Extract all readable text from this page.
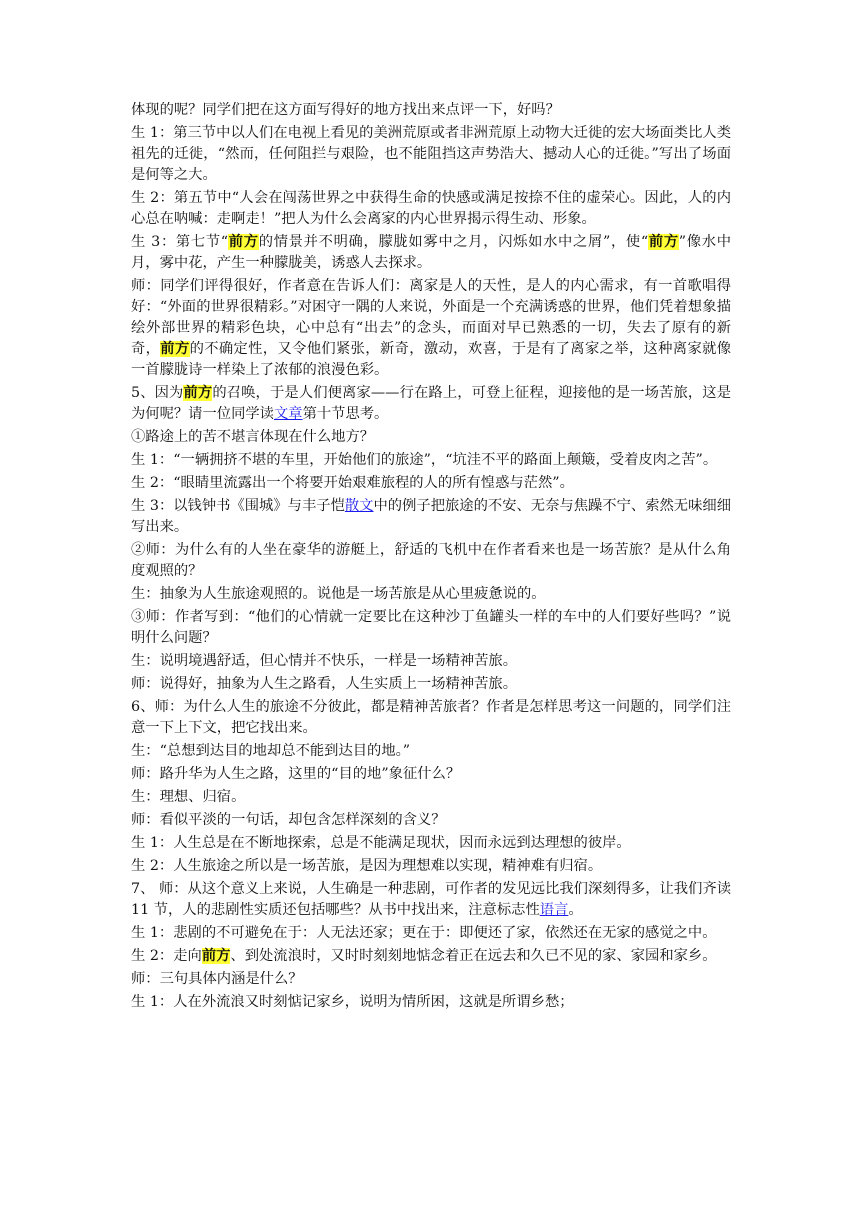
体现的呢？同学们把在这方面写得好的地方找出来点评一下，好吗？

生 1：第三节中以人们在电视上看见的美洲荒原或者非洲荒原上动物大迁徙的宏大场面类比人类祖先的迁徙，“然而，任何阻拦与艰险，也不能阻挡这声势浩大、撼动人心的迁徙。”写出了场面是何等之大。

生 2：第五节中“人会在闯荡世界之中获得生命的快感或满足按捺不住的虚荣心。因此，人的内心总在呐喊：走啊走！”把人为什么会离家的内心世界揭示得生动、形象。

生 3：第七节“前方的情景并不明确，朦胧如雾中之月，闪烁如水中之屑”，使“前方”像水中月，雾中花，产生一种朦胧美，诱惑人去探求。

师：同学们评得很好，作者意在告诉人们：离家是人的天性，是人的内心需求，有一首歌唱得好：“外面的世界很精彩。”对困守一隅的人来说，外面是一个充满诱惑的世界，他们凭着想象描绘外部世界的精彩色块，心中总有“出去”的念头，而面对早已熟悉的一切，失去了原有的新奇，前方的不确定性，又令他们紧张，新奇，激动，欢喜，于是有了离家之举，这种离家就像一首朦胧诗一样染上了浓郁的浪漫色彩。

5、因为前方的召唤，于是人们便离家——行在路上，可登上征程，迎接他的是一场苦旅，这是为何呢？请一位同学读文章第十节思考。

①路途上的苦不堪言体现在什么地方？

生 1：“一辆拥挤不堪的车里，开始他们的旅途”，“坑洼不平的路面上颠簸，受着皮肉之苦”。

生 2：“眼睛里流露出一个将要开始艰难旅程的人的所有惶惑与茫然”。

生 3：以钱钟书《围城》与丰子恺散文中的例子把旅途的不安、无奈与焦躁不宁、索然无味细细写出来。

②师：为什么有的人坐在豪华的游艇上，舒适的飞机中在作者看来也是一场苦旅？是从什么角度观照的？

生：抽象为人生旅途观照的。说他是一场苦旅是从心里疲惫说的。

③师：作者写到：“他们的心情就一定要比在这种沙丁鱼罐头一样的车中的人们要好些吗？”说明什么问题？

生：说明境遇舒适，但心情并不快乐，一样是一场精神苦旅。

师：说得好，抽象为人生之路看，人生实质上一场精神苦旅。

6、师：为什么人生的旅途不分彼此，都是精神苦旅者？作者是怎样思考这一问题的，同学们注意一下上下文，把它找出来。

生：“总想到达目的地却总不能到达目的地。”

师：路升华为人生之路，这里的“目的地”象征什么？

生：理想、归宿。

师：看似平淡的一句话，却包含怎样深刻的含义？

生 1：人生总是在不断地探索，总是不能满足现状，因而永远到达理想的彼岸。

生 2：人生旅途之所以是一场苦旅，是因为理想难以实现，精神难有归宿。

7、 师：从这个意义上来说，人生确是一种悲剧，可作者的发见远比我们深刻得多，让我们齐读 11 节，人的悲剧性实质还包括哪些？从书中找出来，注意标志性语言。

生 1：悲剧的不可避免在于：人无法还家；更在于：即便还了家，依然还在无家的感觉之中。

生 2：走向前方、到处流浪时，又时时刻刻地惦念着正在远去和久已不见的家、家园和家乡。

师：三句具体内涵是什么？

生 1：人在外流浪又时刻惦记家乡，说明为情所困，这就是所谓乡愁；
